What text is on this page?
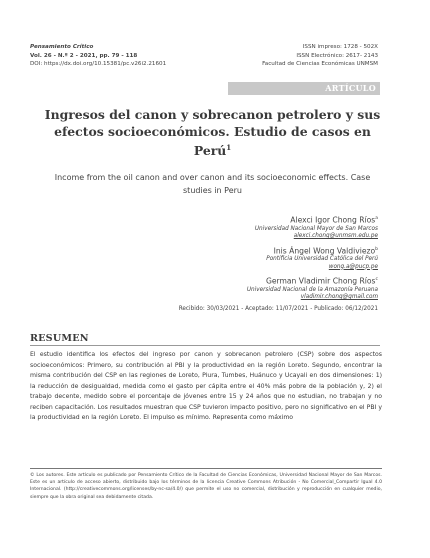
Pensamiento Crítico
Vol. 26 - N.º 2 - 2021, pp. 79 - 118
DOI: https://dx.doi.org/10.15381/pc.v26i2.21601
ISSN impreso: 1728 - 502X
ISSN Electrónico: 2617- 2143
Facultad de Ciencias Económicas UNMSM
ARTÍCULO
Ingresos del canon y sobrecanon petrolero y sus efectos socioeconómicos. Estudio de casos en Perú$^1$
Income from the oil canon and over canon and its socioeconomic effects. Case studies in Peru
Alexci Igor Chong Ríos$^a$
Universidad Nacional Mayor de San Marcos
alexci.chong@unmsm.edu.pe
Inis Ángel Wong Valdiviezo$^b$
Pontificia Universidad Católica del Perú
wong.a@pucp.pe
German Vladimir Chong Ríos$^c$
Universidad Nacional de la Amazonía Peruana
vladimir.chong@gmail.com
Recibido: 30/03/2021 - Aceptado: 11/07/2021 - Publicado: 06/12/2021
RESUMEN
El estudio identifica los efectos del ingreso por canon y sobrecanon petrolero (CSP) sobre dos aspectos socioeconómicos: Primero, su contribución al PBI y la productividad en la región Loreto. Segundo, encontrar la misma contribución del CSP en las regiones de Loreto, Piura, Tumbes, Huánuco y Ucayali en dos dimensiones: 1) la reducción de desigualdad, medida como el gasto per cápita entre el 40% más pobre de la población y, 2) el trabajo decente, medido sobre el porcentaje de jóvenes entre 15 y 24 años que no estudian, no trabajan y no reciben capacitación. Los resultados muestran que CSP tuvieron impacto positivo, pero no significativo en el PBI y la productividad en la región Loreto. El impulso es mínimo. Representa como máximo
© Los autores. Este artículo es publicado por Pensamiento Crítico de la Facultad de Ciencias Económicas, Universidad Nacional Mayor de San Marcos. Este es un artículo de acceso abierto, distribuido bajo los términos de la licencia Creative Commons Atribución - No Comercial_Compartir Igual 4.0 Internacional. (http://creativecommons.org/licenses/by-nc-sa/4.0/) que permite el uso no comercial, distribución y reproducción en cualquier medio, siempre que la obra original sea debidamente citada.
